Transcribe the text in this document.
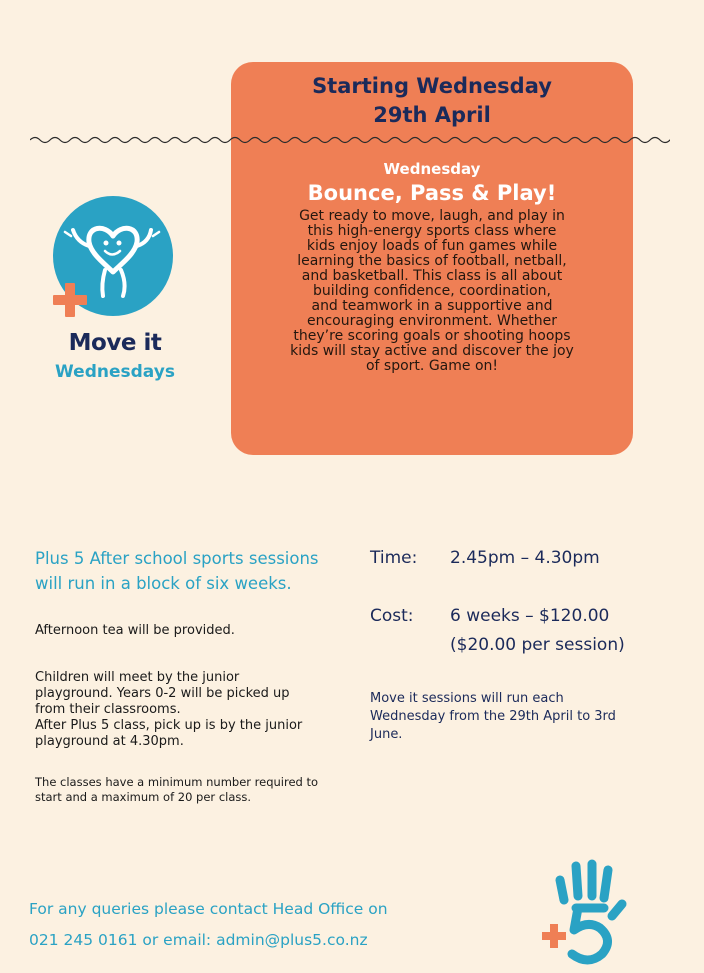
Starting Wednesday
29th April
Wednesday
Bounce, Pass & Play!
Get ready to move, laugh, and play in
this high-energy sports class where
kids enjoy loads of fun games while
learning the basics of football, netball,
and basketball. This class is all about
building confidence, coordination,
and teamwork in a supportive and
encouraging environment. Whether
they’re scoring goals or shooting hoops
kids will stay active and discover the joy
of sport. Game on!
Move it
Wednesdays
Plus 5 After school sports sessions
will run in a block of six weeks.
Afternoon tea will be provided.
Children will meet by the junior
playground. Years 0-2 will be picked up
from their classrooms.
After Plus 5 class, pick up is by the junior
playground at 4.30pm.
The classes have a minimum number required to
start and a maximum of 20 per class.
Time:	2.45pm – 4.30pm
Cost:	6 weeks – $120.00
($20.00 per session)
Move it sessions will run each
Wednesday from the 29th April to 3rd
June.
For any queries please contact Head Office on
021 245 0161 or email: admin@plus5.co.nz
